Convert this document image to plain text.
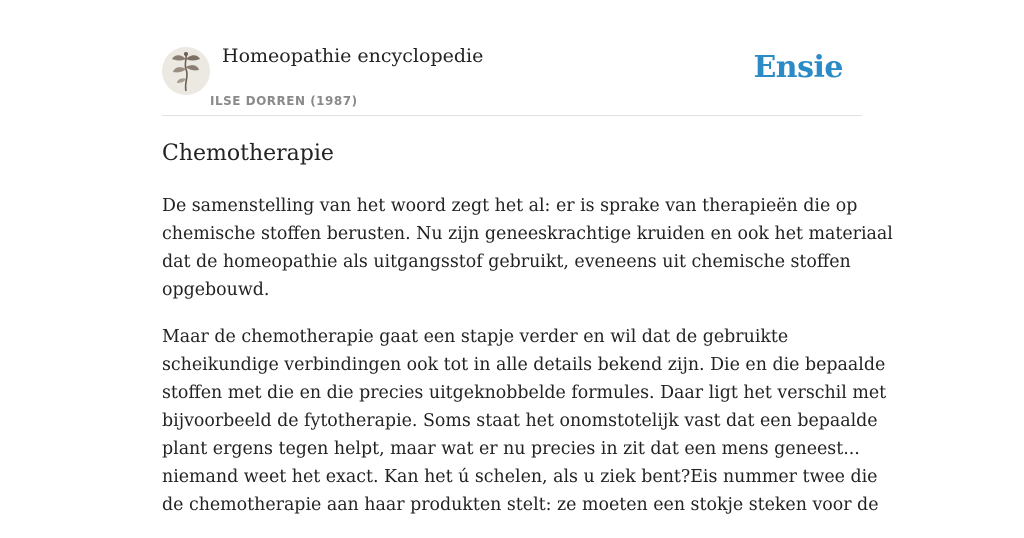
Homeopathie encyclopedie
ILSE DORREN (1987)
Ensie
Chemotherapie

De samenstelling van het woord zegt het al: er is sprake van therapieën die op
chemische stoffen berusten. Nu zijn geneeskrachtige kruiden en ook het materiaal
dat de homeopathie als uitgangsstof gebruikt, eveneens uit chemische stoffen
opgebouwd.

Maar de chemotherapie gaat een stapje verder en wil dat de gebruikte
scheikundige verbindingen ook tot in alle details bekend zijn. Die en die bepaalde
stoffen met die en die precies uitgeknobbelde formules. Daar ligt het verschil met
bijvoorbeeld de fytotherapie. Soms staat het onomstotelijk vast dat een bepaalde
plant ergens tegen helpt, maar wat er nu precies in zit dat een mens geneest...
niemand weet het exact. Kan het ú schelen, als u ziek bent?Eis nummer twee die
de chemotherapie aan haar produkten stelt: ze moeten een stokje steken voor de
